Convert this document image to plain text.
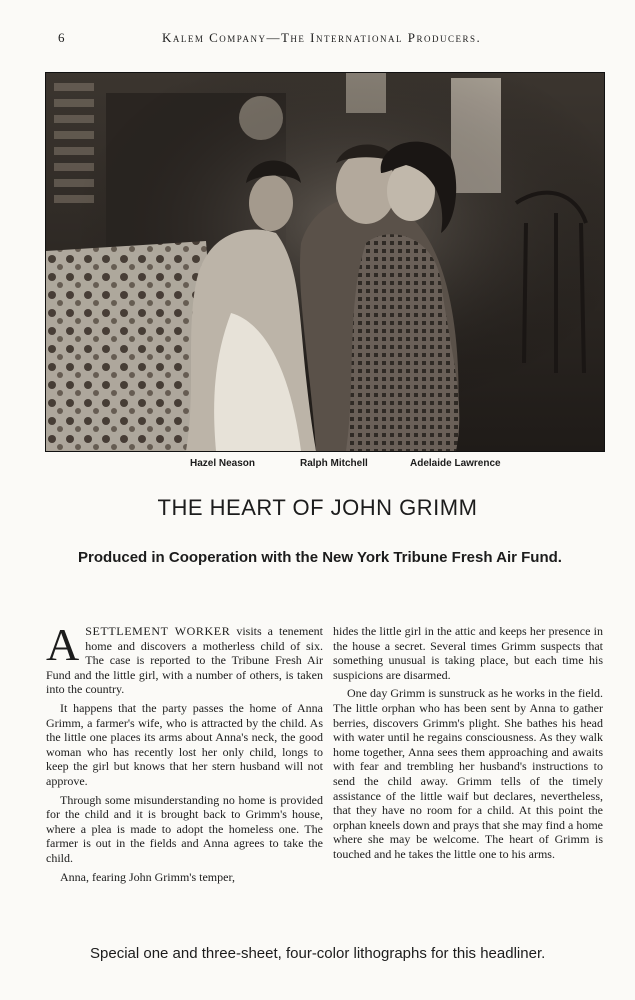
6	Kalem Company—The International Producers.
Hazel Neason	Ralph Mitchell	Adelaide Lawrence
THE HEART OF JOHN GRIMM
Produced in Cooperation with the New York Tribune Fresh Air Fund.

ASETTLEMENT WORKER visits a tenement home and discovers a motherless child of six. The case is reported to the Tribune Fresh Air Fund and the little girl, with a number of others, is taken into the country.

It happens that the party passes the home of Anna Grimm, a farmer's wife, who is attracted by the child. As the little one places its arms about Anna's neck, the good woman who has recently lost her only child, longs to keep the girl but knows that her stern husband will not approve.

Through some misunderstanding no home is provided for the child and it is brought back to Grimm's house, where a plea is made to adopt the homeless one. The farmer is out in the fields and Anna agrees to take the child.

Anna, fearing John Grimm's temper,

hides the little girl in the attic and keeps her presence in the house a secret. Several times Grimm suspects that something unusual is taking place, but each time his suspicions are disarmed.

One day Grimm is sunstruck as he works in the field. The little orphan who has been sent by Anna to gather berries, discovers Grimm's plight. She bathes his head with water until he regains consciousness. As they walk home together, Anna sees them approaching and awaits with fear and trembling her husband's instructions to send the child away. Grimm tells of the timely assistance of the little waif but declares, nevertheless, that they have no room for a child. At this point the orphan kneels down and prays that she may find a home where she may be welcome. The heart of Grimm is touched and he takes the little one to his arms.

Special one and three-sheet, four-color lithographs for this headliner.
